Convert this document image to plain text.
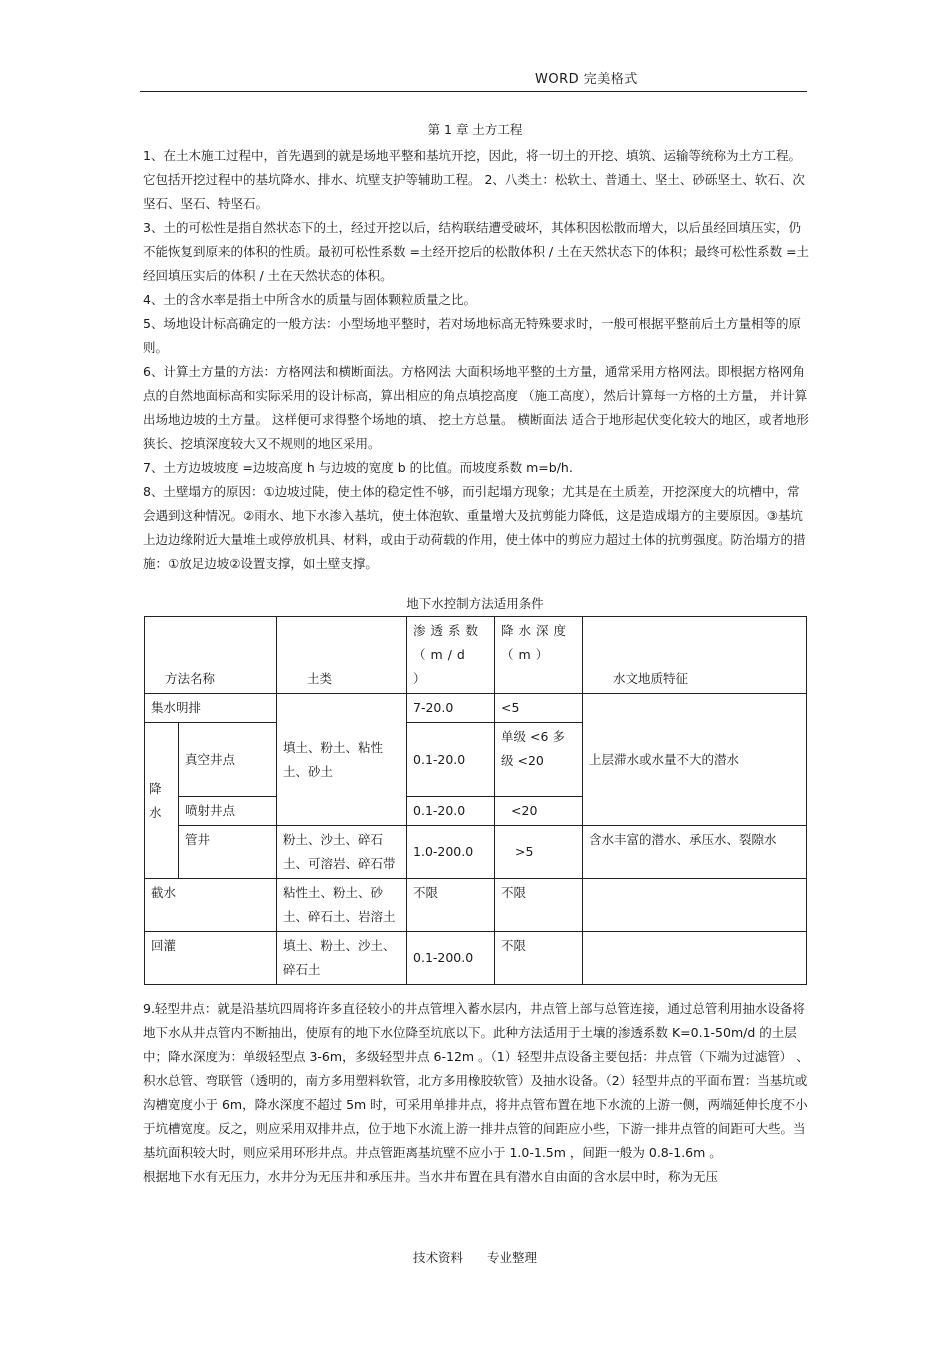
WORD 完美格式
第 1 章 土方工程

1、在土木施工过程中，首先遇到的就是场地平整和基坑开挖，因此，将一切土的开挖、填筑、运输等统称为土方工程。它包括开挖过程中的基坑降水、排水、坑壁支护等辅助工程。 2、八类土：松软土、普通土、坚土、砂砾坚土、软石、次坚石、坚石、特坚石。

3、土的可松性是指自然状态下的土，经过开挖以后，结构联结遭受破坏，其体积因松散而增大，以后虽经回填压实，仍不能恢复到原来的体积的性质。最初可松性系数 =土经开挖后的松散体积 / 土在天然状态下的体积；最终可松性系数 =土经回填压实后的体积 / 土在天然状态的体积。

4、土的含水率是指土中所含水的质量与固体颗粒质量之比。

5、场地设计标高确定的一般方法：小型场地平整时，若对场地标高无特殊要求时，一般可根据平整前后土方量相等的原则。

6、计算土方量的方法：方格网法和横断面法。方格网法 大面积场地平整的土方量，通常采用方格网法。即根据方格网角点的自然地面标高和实际采用的设计标高，算出相应的角点填挖高度 （施工高度），然后计算每一方格的土方量， 并计算出场地边坡的土方量。 这样便可求得整个场地的填、 挖土方总量。 横断面法 适合于地形起伏变化较大的地区，或者地形狭长、挖填深度较大又不规则的地区采用。

7、土方边坡坡度 =边坡高度 h 与边坡的宽度 b 的比值。而坡度系数 m=b/h.

8、土壁塌方的原因：①边坡过陡，使土体的稳定性不够，而引起塌方现象；尤其是在土质差，开挖深度大的坑槽中，常会遇到这种情况。②雨水、地下水渗入基坑，使土体泡软、重量增大及抗剪能力降低，这是造成塌方的主要原因。③基坑上边边缘附近大量堆土或停放机具、材料，或由于动荷载的作用，使土体中的剪应力超过土体的抗剪强度。防治塌方的措施：①放足边坡②设置支撑，如土壁支撑。

地下水控制方法适用条件
方法名称		土类	渗透系数 （m/d ）	降水深度 （m）	水文地质特征
集水明排		填土、粉土、粘性土、砂土	7-20.0	<5	上层滞水或水量不大的潜水
降水	真空井点		0.1-20.0	单级 <6 多级 <20	
	喷射井点		0.1-20.0	<20	
	管井	粉土、沙土、碎石土、可溶岩、碎石带	1.0-200.0	>5	含水丰富的潜水、承压水、裂隙水
截水		粘性土、粉土、砂土、碎石土、岩溶土	不限	不限	
回灌		填土、粉土、沙土、碎石土	0.1-200.0	不限	

9.轻型井点：就是沿基坑四周将许多直径较小的井点管埋入蓄水层内，井点管上部与总管连接，通过总管利用抽水设备将地下水从井点管内不断抽出，使原有的地下水位降至坑底以下。此种方法适用于土壤的渗透系数 K=0.1-50m/d 的土层中；降水深度为：单级轻型点 3-6m，多级轻型井点 6-12m 。（1）轻型井点设备主要包括：井点管（下端为过滤管） 、积水总管、弯联管（透明的，南方多用塑料软管，北方多用橡胶软管）及抽水设备。（2）轻型井点的平面布置：当基坑或沟槽宽度小于 6m，降水深度不超过 5m 时，可采用单排井点，将井点管布置在地下水流的上游一侧，两端延伸长度不小于坑槽宽度。反之，则应采用双排井点，位于地下水流上游一排井点管的间距应小些，下游一排井点管的间距可大些。当基坑面积较大时，则应采用环形井点。井点管距离基坑壁不应小于 1.0-1.5m ，间距一般为 0.8-1.6m 。

根据地下水有无压力，水井分为无压井和承压井。当水井布置在具有潜水自由面的含水层中时，称为无压

技术资料 专业整理
